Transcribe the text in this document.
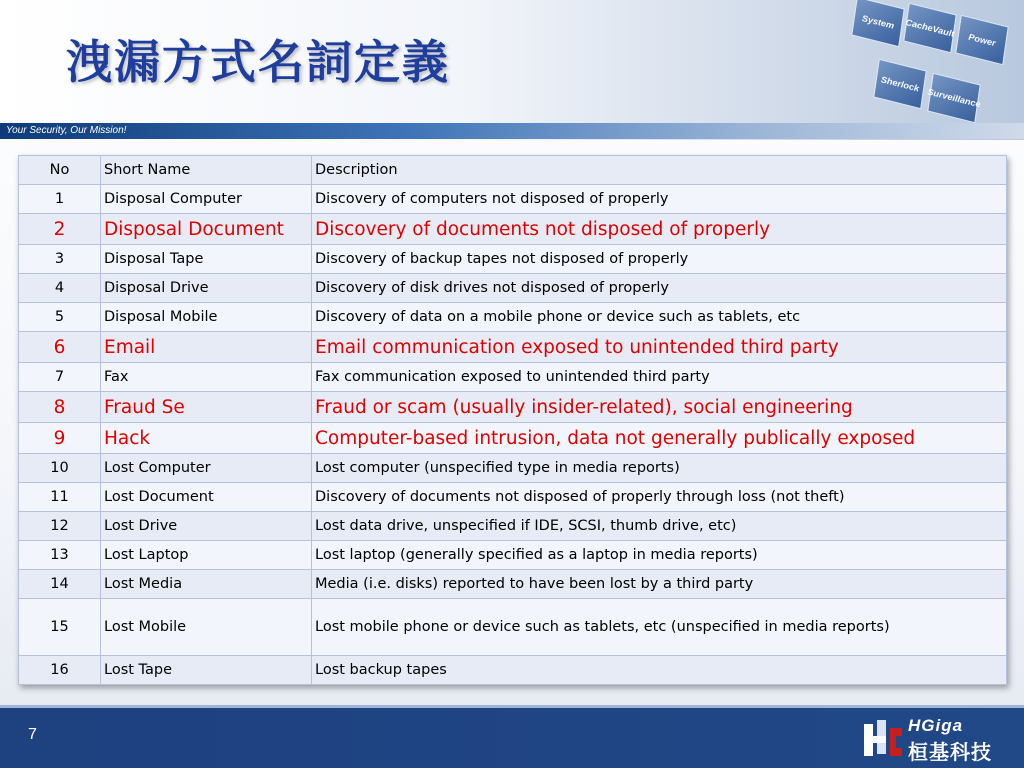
洩漏方式名詞定義
System	CacheVault
Power
Sherlock
Surveillance
Your Security, Our Mission!
No	Short Name	Description
1	Disposal Computer	Discovery of computers not disposed of properly
2	Disposal Document	Discovery of documents not disposed of properly
3	Disposal Tape	Discovery of backup tapes not disposed of properly
4	Disposal Drive	Discovery of disk drives not disposed of properly
5	Disposal Mobile	Discovery of data on a mobile phone or device such as tablets, etc
6	Email	Email communication exposed to unintended third party
7	Fax	Fax communication exposed to unintended third party
8	Fraud Se	Fraud or scam (usually insider-related), social engineering
9	Hack	Computer-based intrusion, data not generally publically exposed
10	Lost Computer	Lost computer (unspecified type in media reports)
11	Lost Document	Discovery of documents not disposed of properly through loss (not theft)
12	Lost Drive	Lost data drive, unspecified if IDE, SCSI, thumb drive, etc)
13	Lost Laptop	Lost laptop (generally specified as a laptop in media reports)
14	Lost Media	Media (i.e. disks) reported to have been lost by a third party
15	Lost Mobile	Lost mobile phone or device such as tablets, etc (unspecified in media reports)
16	Lost Tape	Lost backup tapes
7	HGiga
桓基科技
